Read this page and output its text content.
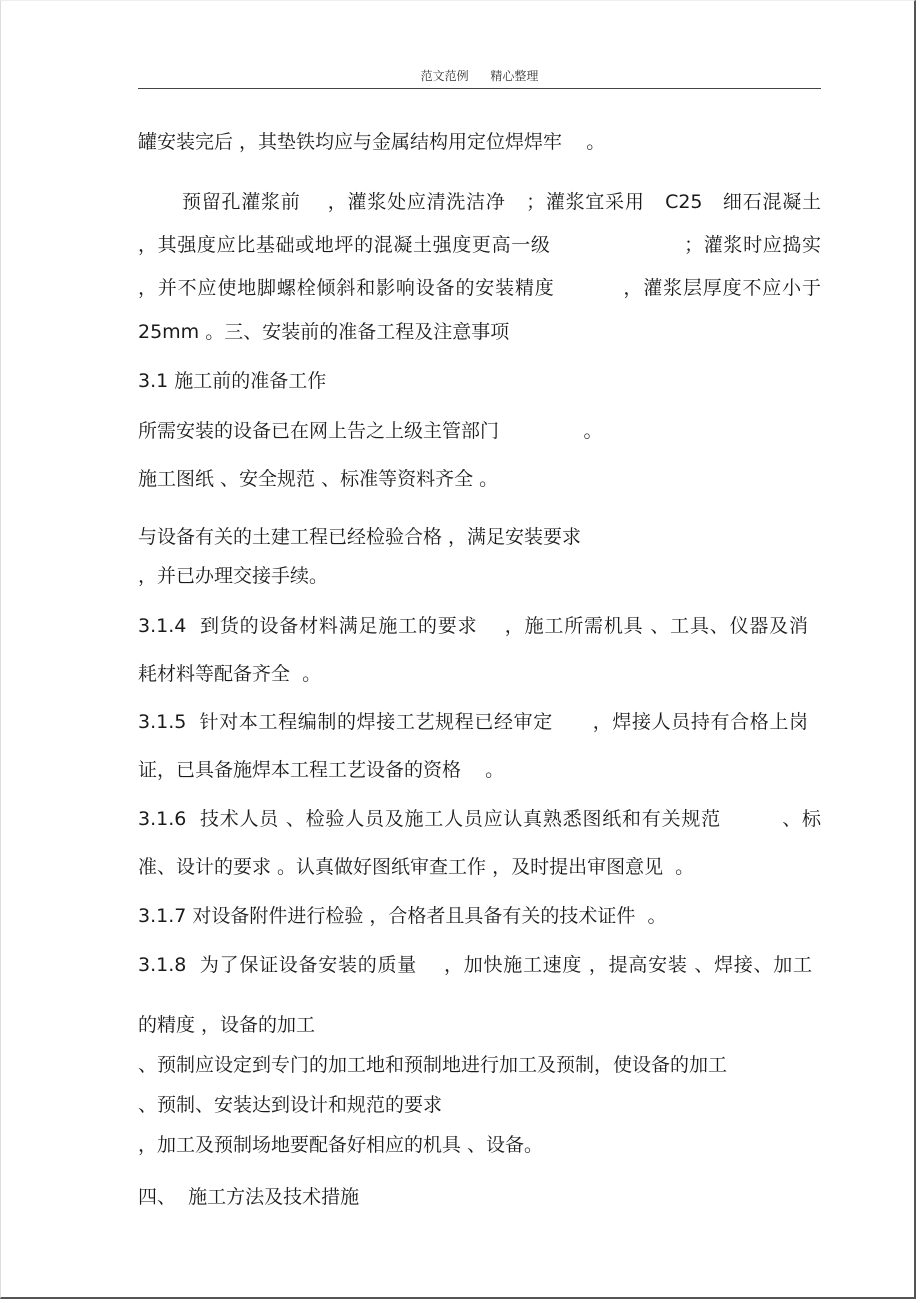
范文范例 精心整理
罐安装完后 ，其垫铁均应与金属结构用定位焊焊牢    。
预留孔灌浆前    ，灌浆处应清洗洁净   ；灌浆宜采用   C25   细石混凝土
，其强度应比基础或地坪的混凝土强度更高一级                    ；灌浆时应捣实
，并不应使地脚螺栓倾斜和影响设备的安装精度          ，灌浆层厚度不应小于
25mm 。三、安装前的准备工程及注意事项
3.1 施工前的准备工作
所需安装的设备已在网上告之上级主管部门              。
施工图纸 、安全规范 、标准等资料齐全 。
与设备有关的土建工程已经检验合格 ，满足安装要求
，并已办理交接手续。
3.1.4  到货的设备材料满足施工的要求    ，施工所需机具 、工具、仪器及消
耗材料等配备齐全  。
3.1.5  针对本工程编制的焊接工艺规程已经审定      ，焊接人员持有合格上岗
证，已具备施焊本工程工艺设备的资格    。
3.1.6  技术人员 、检验人员及施工人员应认真熟悉图纸和有关规范         、标
准、设计的要求 。认真做好图纸审查工作 ，及时提出审图意见  。
3.1.7 对设备附件进行检验 ，合格者且具备有关的技术证件  。
3.1.8  为了保证设备安装的质量    ，加快施工速度 ，提高安装 、焊接、加工
的精度 ，设备的加工
、预制应设定到专门的加工地和预制地进行加工及预制，使设备的加工
、预制、安装达到设计和规范的要求
，加工及预制场地要配备好相应的机具 、设备。
四、  施工方法及技术措施
